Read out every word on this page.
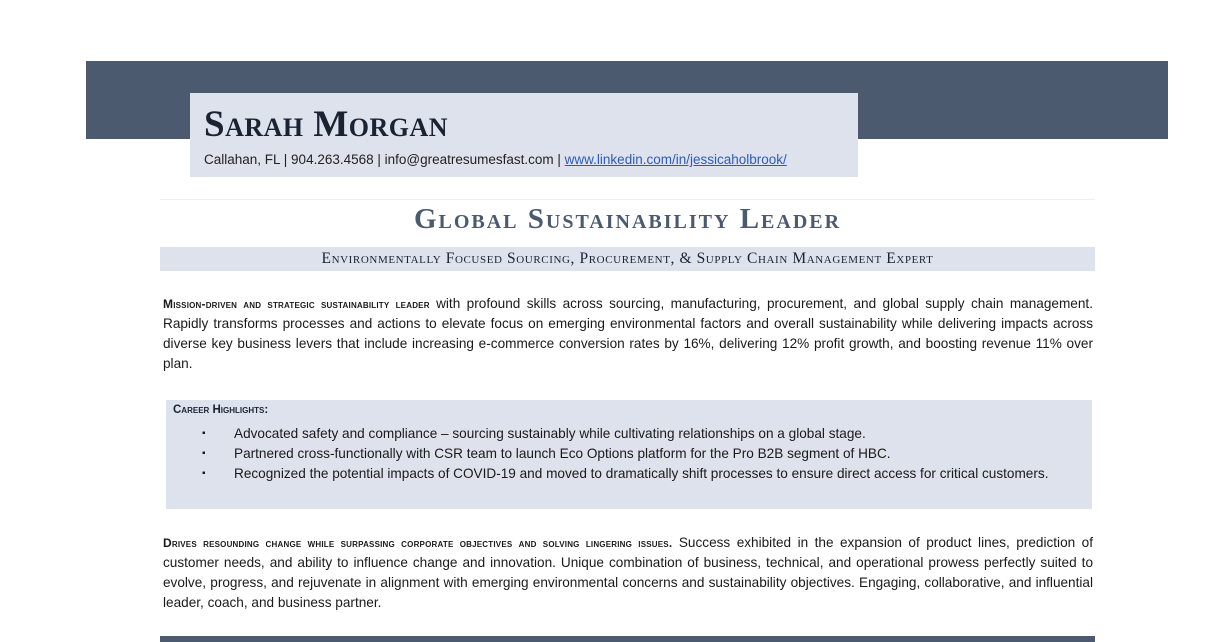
Sarah Morgan
Callahan, FL | 904.263.4568 | info@greatresumesfast.com | www.linkedin.com/in/jessicaholbrook/
Global Sustainability Leader
Environmentally Focused Sourcing, Procurement, & Supply Chain Management Expert
Mission-driven and strategic sustainability leader with profound skills across sourcing, manufacturing, procurement, and global supply chain management. Rapidly transforms processes and actions to elevate focus on emerging environmental factors and overall sustainability while delivering impacts across diverse key business levers that include increasing e-commerce conversion rates by 16%, delivering 12% profit growth, and boosting revenue 11% over plan.
Career Highlights:
▪ Advocated safety and compliance – sourcing sustainably while cultivating relationships on a global stage.
▪ Partnered cross-functionally with CSR team to launch Eco Options platform for the Pro B2B segment of HBC.
▪ Recognized the potential impacts of COVID-19 and moved to dramatically shift processes to ensure direct access for critical customers.
Drives resounding change while surpassing corporate objectives and solving lingering issues. Success exhibited in the expansion of product lines, prediction of customer needs, and ability to influence change and innovation. Unique combination of business, technical, and operational prowess perfectly suited to evolve, progress, and rejuvenate in alignment with emerging environmental concerns and sustainability objectives. Engaging, collaborative, and influential leader, coach, and business partner.
